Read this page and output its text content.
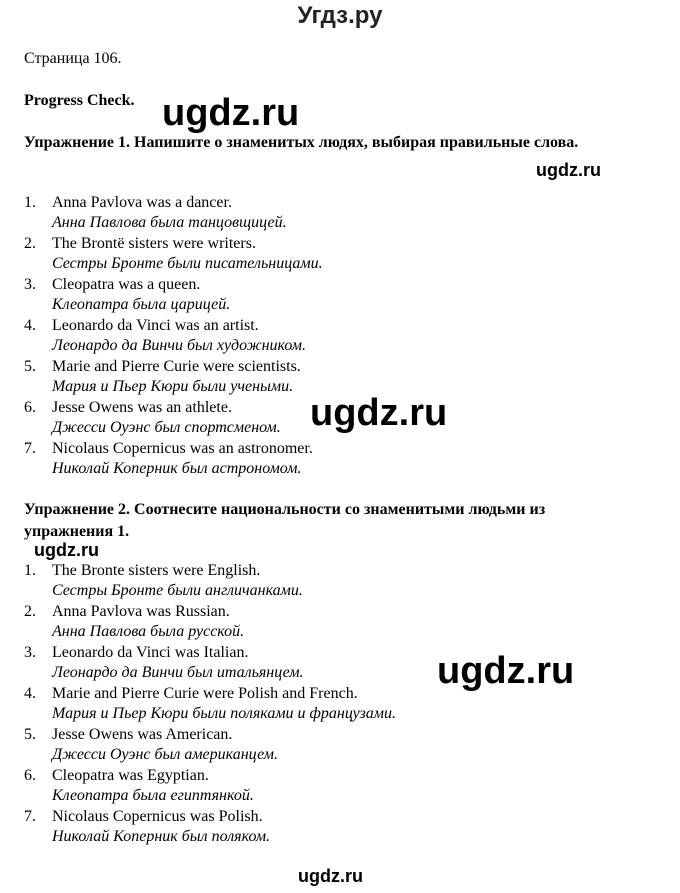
Угдз.ру
Страница 106.
Progress Check.
Упражнение 1. Напишите о знаменитых людях, выбирая правильные слова.
1. Anna Pavlova was a dancer.
Анна Павлова была танцовщицей.
2. The Brontë sisters were writers.
Сестры Бронте были писательницами.
3. Cleopatra was a queen.
Клеопатра была царицей.
4. Leonardo da Vinci was an artist.
Леонардо да Винчи был художником.
5. Marie and Pierre Curie were scientists.
Мария и Пьер Кюри были учеными.
6. Jesse Owens was an athlete.
Джесси Оуэнс был спортсменом.
7. Nicolaus Copernicus was an astronomer.
Николай Коперник был астрономом.
Упражнение 2. Соотнесите национальности со знаменитыми людьми из упражнения 1.
1. The Bronte sisters were English.
Сестры Бронте были англичанками.
2. Anna Pavlova was Russian.
Анна Павлова была русской.
3. Leonardo da Vinci was Italian.
Леонардо да Винчи был итальянцем.
4. Marie and Pierre Curie were Polish and French.
Мария и Пьер Кюри были поляками и французами.
5. Jesse Owens was American.
Джесси Оуэнс был американцем.
6. Cleopatra was Egyptian.
Клеопатра была египтянкой.
7. Nicolaus Copernicus was Polish.
Николай Коперник был поляком.
ugdz.ru
ugdz.ru
ugdz.ru
ugdz.ru
ugdz.ru
ugdz.ru
